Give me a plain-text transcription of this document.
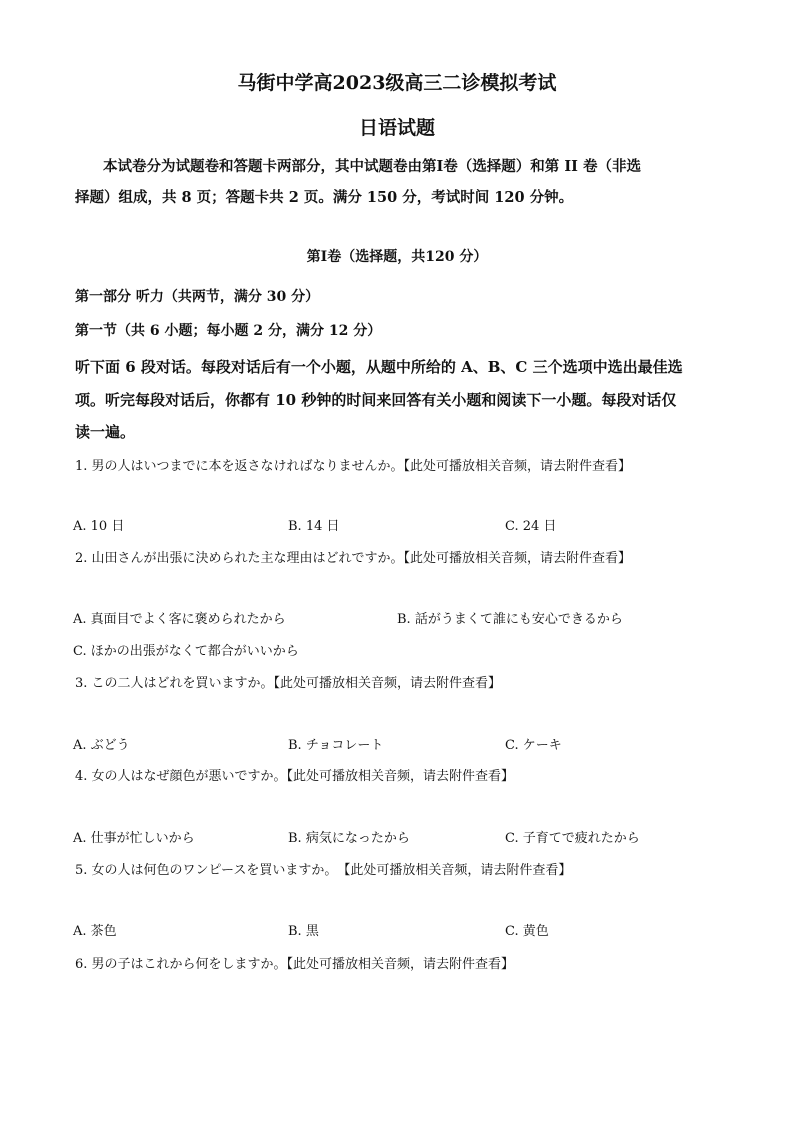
马街中学高2023级高三二诊模拟考试
日语试题
本试卷分为试题卷和答题卡两部分，其中试题卷由第Ⅰ卷（选择题）和第 II 卷（非选
择题）组成，共 8 页；答题卡共 2 页。满分 150 分，考试时间 120 分钟。
第Ⅰ卷（选择题，共120 分）
第一部分 听力（共两节，满分 30 分）
第一节（共 6 小题；每小题 2 分，满分 12 分）
听下面 6 段对话。每段对话后有一个小题，从题中所给的 A、B、C 三个选项中选出最佳选
项。听完每段对话后，你都有 10 秒钟的时间来回答有关小题和阅读下一小题。每段对话仅
读一遍。
1. 男の人はいつまでに本を返さなければなりませんか。【此处可播放相关音频，请去附件查看】
A. 10 日	B. 14 日	C. 24 日
2. 山田さんが出張に決められた主な理由はどれですか。【此处可播放相关音频，请去附件查看】
A. 真面目でよく客に褒められたから	B. 話がうまくて誰にも安心できるから
C. ほかの出張がなくて都合がいいから
3. この二人はどれを買いますか。【此处可播放相关音频，请去附件查看】
A. ぶどう	B. チョコレート	C. ケーキ
4. 女の人はなぜ顔色が悪いですか。【此处可播放相关音频，请去附件查看】
A. 仕事が忙しいから	B. 病気になったから	C. 子育てで疲れたから
5. 女の人は何色のワンピースを買いますか。　【此处可播放相关音频，请去附件查看】
A. 茶色	B. 黒	C. 黄色
6. 男の子はこれから何をしますか。【此处可播放相关音频，请去附件查看】
